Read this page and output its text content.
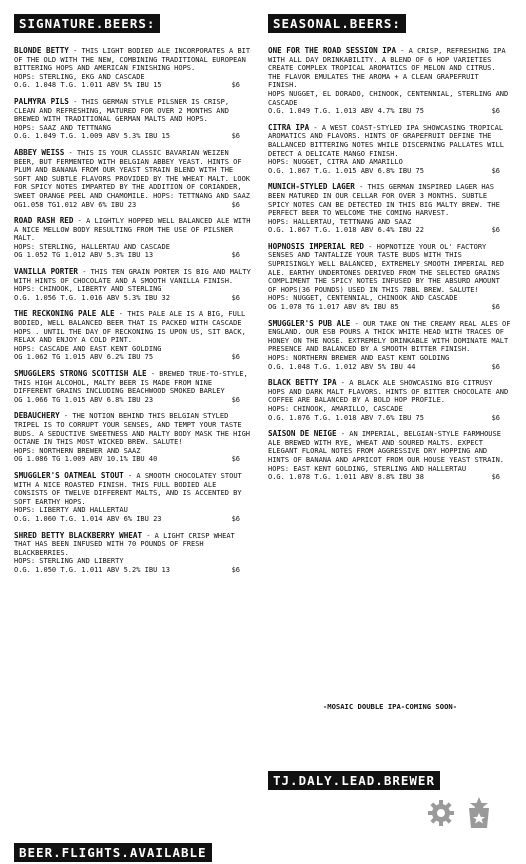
SIGNATURE.BEERS:
BLONDE BETTY - THIS LIGHT BODIED ALE INCORPORATES A BIT OF THE OLD WITH THE NEW, COMBINING TRADITIONAL EUROPEAN BITTERING HOPS AND AMERICAN FINISHING HOPS.
HOPS: STERLING, EKG AND CASCADE
O.G. 1.048 T.G. 1.011 ABV 5% IBU 15	$6
PALMYRA PILS - THIS GERMAN STYLE PILSNER IS CRISP, CLEAN AND REFRESHING, MATURED FOR OVER 2 MONTHS AND BREWED WITH TRADITIONAL GERMAN MALTS AND HOPS.
HOPS: SAAZ AND TETTNANG
O.G. 1.049 T.G. 1.009 ABV 5.3% IBU 15	$6
ABBEY WEISS - THIS IS YOUR CLASSIC BAVARIAN WEIZEN BEER, BUT FERMENTED WITH BELGIAN ABBEY YEAST. HINTS OF PLUM AND BANANA FROM OUR YEAST STRAIN BLEND WITH THE SOFT AND SUBTLE FLAVORS PROVIDED BY THE WHEAT MALT. LOOK FOR SPICY NOTES IMPARTED BY THE ADDITION OF CORIANDER, SWEET ORANGE PEEL AND CHAMOMILE. HOPS: TETTNANG AND SAAZ
OG1.058 TG1.012 ABV 6% IBU 23	$6
ROAD RASH RED - A LIGHTLY HOPPED WELL BALANCED ALE WITH A NICE MELLOW BODY RESULTING FROM THE USE OF PILSNER MALT.
HOPS: STERLING, HALLERTAU AND CASCADE
OG 1.052 TG 1.012 ABV 5.3% IBU 13	$6
VANILLA PORTER - THIS TEN GRAIN PORTER IS BIG AND MALTY WITH HINTS OF CHOCOLATE AND A SMOOTH VANILLA FINISH.
HOPS: CHINOOK, LIBERTY AND STERLING
O.G. 1.056 T.G. 1.016 ABV 5.3% IBU 32	$6
THE RECKONING PALE ALE - THIS PALE ALE IS A BIG, FULL BODIED, WELL BALANCED BEER THAT IS PACKED WITH CASCADE HOPS . UNTIL THE DAY OF RECKONING IS UPON US, SIT BACK, RELAX AND ENJOY A COLD PINT.
HOPS: CASCADE AND EAST KENT GOLDING
OG 1.062 TG 1.015 ABV 6.2% IBU 75	$6
SMUGGLERS STRONG SCOTTISH ALE - BREWED TRUE-TO-STYLE, THIS HIGH ALCOHOL, MALTY BEER IS MADE FROM NINE DIFFERENT GRAINS INCLUDING BEACHWOOD SMOKED BARLEY
OG 1.066 TG 1.015 ABV 6.8% IBU 23	$6
DEBAUCHERY - THE NOTION BEHIND THIS BELGIAN STYLED TRIPEL IS TO CORRUPT YOUR SENSES, AND TEMPT YOUR TASTE BUDS. A SEDUCTIVE SWEETNESS AND MALTY BODY MASK THE HIGH OCTANE IN THIS MOST WICKED BREW. SALUTE!
HOPS: NORTHERN BREWER AND SAAZ
OG 1.086 TG 1.009 ABV 10.1% IBU 40	$6
SMUGGLER'S OATMEAL STOUT - A SMOOTH CHOCOLATEY STOUT WITH A NICE ROASTED FINISH. THIS FULL BODIED ALE CONSISTS OF TWELVE DIFFERENT MALTS, AND IS ACCENTED BY SOFT EARTHY HOPS.
HOPS: LIBERTY AND HALLERTAU
O.G. 1.060 T.G. 1.014 ABV 6% IBU 23	$6
SHRED BETTY BLACKBERRY WHEAT - A LIGHT CRISP WHEAT THAT HAS BEEN INFUSED WITH 70 POUNDS OF FRESH BLACKBERRIES.
HOPS: STERLING AND LIBERTY
O.G. 1.050 T.G. 1.011 ABV 5.2% IBU 13	$6
SEASONAL.BEERS:
ONE FOR THE ROAD SESSION IPA - A CRISP, REFRESHING IPA WITH ALL DAY DRINKABILITY. A BLEND OF 6 HOP VARIETIES CREATE COMPLEX TROPICAL AROMATICS OF MELON AND CITRUS. THE FLAVOR EMULATES THE AROMA + A CLEAN GRAPEFRUIT FINISH.
HOPS NUGGET, EL DORADO, CHINOOK, CENTENNIAL, STERLING AND CASCADE
O.G. 1.049 T.G. 1.013 ABV 4.7% IBU 75	$6
CITRA IPA - A WEST COAST-STYLED IPA SHOWCASING TROPICAL AROMATICS AND FLAVORS. HINTS OF GRAPEFRUIT DEFINE THE BALLANCED BITTERING NOTES WHILE DISCERNING PALLATES WILL DETECT A DELICATE MANGO FINISH.
HOPS: NUGGET, CITRA AND AMARILLO
O.G. 1.067 T.G. 1.015 ABV 6.8% IBU 75	$6
MUNICH-STYLED LAGER - THIS GERMAN INSPIRED LAGER HAS BEEN MATURED IN OUR CELLAR FOR OVER 3 MONTHS. SUBTLE SPICY NOTES CAN BE DETECTED IN THIS BIG MALTY BREW. THE PERFECT BEER TO WELCOME THE COMING HARVEST.
HOPS: HALLERTAU, TETTNANG AND SAAZ
O.G. 1.067 T.G. 1.018 ABV 6.4% IBU 22	$6
HOPNOSIS IMPERIAL RED - HOPNOTIZE YOUR OL' FACTORY SENSES AND TANTALIZE YOUR TASTE BUDS WITH THIS SUPRISINGLY WELL BALANCED, EXTREMELY SMOOTH IMPERIAL RED ALE. EARTHY UNDERTONES DERIVED FROM THE SELECTED GRAINS COMPLIMENT THE SPICY NOTES INFUSED BY THE ABSURD AMOUNT OF HOPS(36 POUNDS) USED IN THIS 7BBL BREW. SALUTE!
HOPS: NUGGET, CENTENNIAL, CHINOOK AND CASCADE
OG 1.078 TG 1.017 ABV 8% IBU 85	$6
SMUGGLER'S PUB ALE - OUR TAKE ON THE CREAMY REAL ALES OF ENGLAND. OUR ESB POURS A THICK WHITE HEAD WITH TRACES OF HONEY ON THE NOSE. EXTREMELY DRINKABLE WITH DOMINATE MALT PRESENCE AND BALANCED BY A SMOOTH BITTER FINISH.
HOPS: NORTHERN BREWER AND EAST KENT GOLDING
O.G. 1.048 T.G. 1.012 ABV 5% IBU 44	$6
BLACK BETTY IPA - A BLACK ALE SHOWCASING BIG CITRUSY HOPS AND DARK MALT FLAVORS. HINTS OF BITTER CHOCOLATE AND COFFEE ARE BALANCED BY A BOLD HOP PROFILE.
HOPS: CHINOOK, AMARILLO, CASCADE
O.G. 1.076 T.G. 1.018 ABV 7.6% IBU 75	$6
SAISON DE NEIGE - AN IMPERIAL, BELGIAN-STYLE FARMHOUSE ALE BREWED WITH RYE, WHEAT AND SOURED MALTS. EXPECT ELEGANT FLORAL NOTES FROM AGGRESSIVE DRY HOPPING AND HINTS OF BANANA AND APRICOT FROM OUR HOUSE YEAST STRAIN.
HOPS: EAST KENT GOLDING, STERLING AND HALLERTAU
O.G. 1.078 T.G. 1.011 ABV 8.8% IBU 38	$6
-MOSAIC DOUBLE IPA-COMING SOON-
TJ.DALY.LEAD.BREWER
BEER.FLIGHTS.AVAILABLE
